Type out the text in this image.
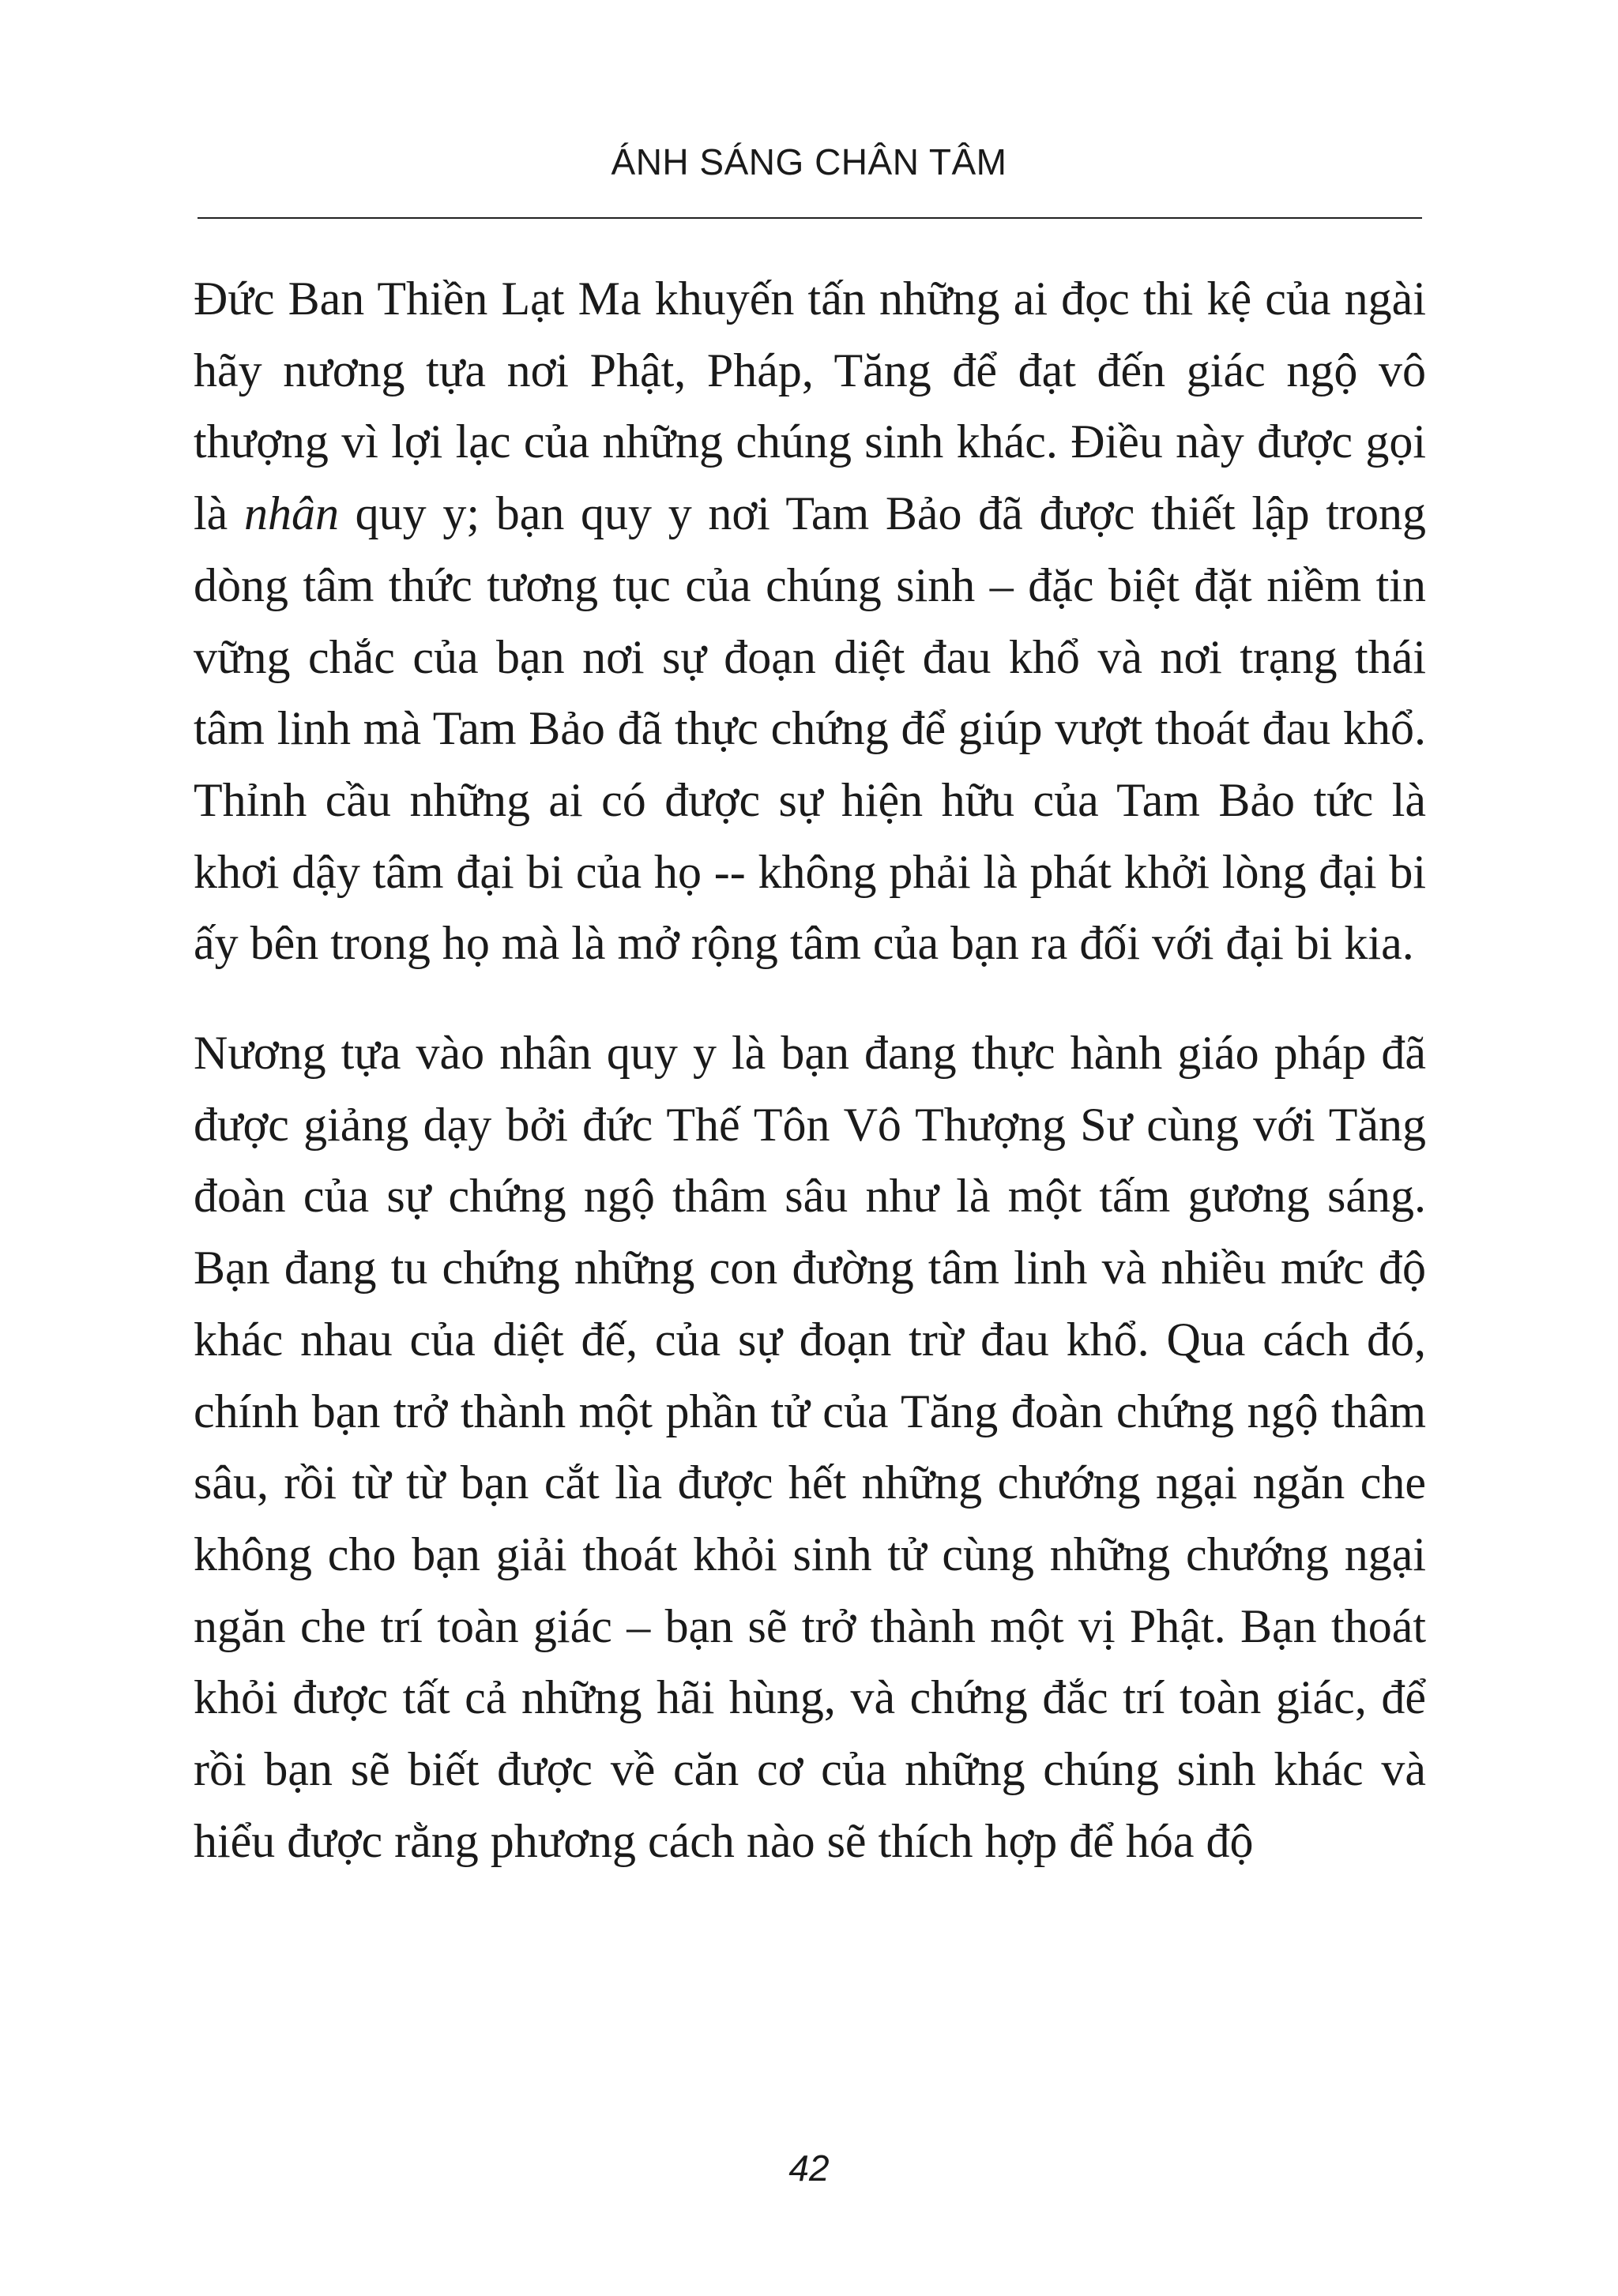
ÁNH SÁNG CHÂN TÂM

Đức Ban Thiền Lạt Ma khuyến tấn những ai đọc thi kệ của ngài hãy nương tựa nơi Phật, Pháp, Tăng để đạt đến giác ngộ vô thượng vì lợi lạc của những chúng sinh khác. Điều này được gọi là nhân quy y; bạn quy y nơi Tam Bảo đã được thiết lập trong dòng tâm thức tương tục của chúng sinh – đặc biệt đặt niềm tin vững chắc của bạn nơi sự đoạn diệt đau khổ và nơi trạng thái tâm linh mà Tam Bảo đã thực chứng để giúp vượt thoát đau khổ. Thỉnh cầu những ai có được sự hiện hữu của Tam Bảo tức là khơi dậy tâm đại bi của họ -- không phải là phát khởi lòng đại bi ấy bên trong họ mà là mở rộng tâm của bạn ra đối với đại bi kia.

Nương tựa vào nhân quy y là bạn đang thực hành giáo pháp đã được giảng dạy bởi đức Thế Tôn Vô Thượng Sư cùng với Tăng đoàn của sự chứng ngộ thâm sâu như là một tấm gương sáng. Bạn đang tu chứng những con đường tâm linh và nhiều mức độ khác nhau của diệt đế, của sự đoạn trừ đau khổ. Qua cách đó, chính bạn trở thành một phần tử của Tăng đoàn chứng ngộ thâm sâu, rồi từ từ bạn cắt lìa được hết những chướng ngại ngăn che không cho bạn giải thoát khỏi sinh tử cùng những chướng ngại ngăn che trí toàn giác – bạn sẽ trở thành một vị Phật. Bạn thoát khỏi được tất cả những hãi hùng, và chứng đắc trí toàn giác, để rồi bạn sẽ biết được về căn cơ của những chúng sinh khác và hiểu được rằng phương cách nào sẽ thích hợp để hóa độ

42
